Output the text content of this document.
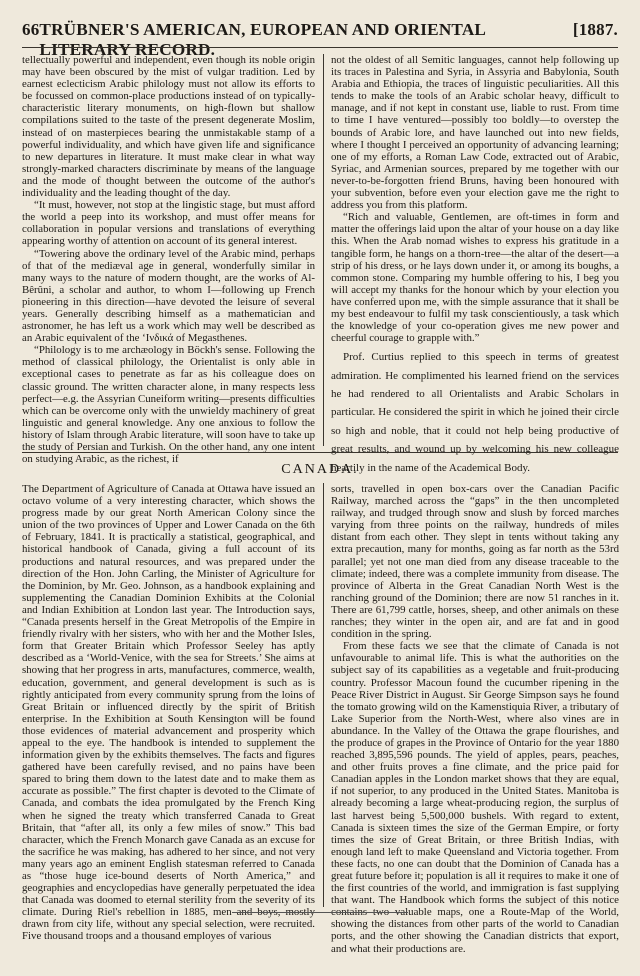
66 TRÜBNER'S AMERICAN, EUROPEAN AND ORIENTAL LITERARY RECORD.
[1887.

tellectually powerful and independent, even though its noble origin may have been obscured by the mist of vulgar tradition. Led by earnest eclecticism Arabic philology must not allow its efforts to be focussed on common-place productions instead of on typically-characteristic literary monuments, on high-flown but shallow compilations suited to the taste of the present degenerate Moslim, instead of on masterpieces bearing the unmistakable stamp of a powerful individuality, and which have given life and significance to new departures in literature. It must make clear in what way strongly-marked characters discriminate by means of the language and the mode of thought between the outcome of the author's individuality and the leading thought of the day.

“It must, however, not stop at the lingistic stage, but must afford the world a peep into its workshop, and must offer means for collaboration in popular versions and translations of everything appearing worthy of attention on account of its general interest.

“Towering above the ordinary level of the Arabic mind, perhaps of that of the mediæval age in general, wonderfully similar in many ways to the nature of modern thought, are the works of Al-Bêrûni, a scholar and author, to whom I—following up French pioneering in this direction—have devoted the leisure of several years. Generally describing himself as a mathematician and astronomer, he has left us a work which may well be described as an Arabic equivalent of the ‘Ινδικά of Megasthenes.

“Philology is to me archæology in Böckh's sense. Following the method of classical philology, the Orientalist is only able in exceptional cases to penetrate as far as his colleague does on classic ground. The written character alone, in many respects less perfect—e.g. the Assyrian Cuneiform writing—presents difficulties which can be overcome only with the unwieldy machinery of great linguistic and general knowledge. Any one anxious to follow the history of Islam through Arabic literature, will soon have to take up the study of Persian and Turkish. On the other hand, any one intent on studying Arabic, as the richest, if

not the oldest of all Semitic languages, cannot help following up its traces in Palestina and Syria, in Assyria and Babylonia, South Arabia and Ethiopia, the traces of linguistic peculiarities. All this tends to make the tools of an Arabic scholar heavy, difficult to manage, and if not kept in constant use, liable to rust. From time to time I have ventured—possibly too boldly—to overstep the bounds of Arabic lore, and have launched out into new fields, where I thought I perceived an opportunity of advancing learning; one of my efforts, a Roman Law Code, extracted out of Arabic, Syriac, and Armenian sources, prepared by me together with our never-to-be-forgotten friend Bruns, having been honoured with your subvention, before even your election gave me the right to address you from this platform.

“Rich and valuable, Gentlemen, are oft-times in form and matter the offerings laid upon the altar of your house on a day like this. When the Arab nomad wishes to express his gratitude in a tangible form, he hangs on a thorn-tree—the altar of the desert—a strip of his dress, or he lays down under it, or among its boughs, a common stone. Comparing my humble offering to his, I beg you will accept my thanks for the honour which by your election you have conferred upon me, with the simple assurance that it shall be my best endeavour to fulfil my task conscientiously, a task which the knowledge of your co-operation gives me new power and cheerful courage to grapple with.”

Prof. Curtius replied to this speech in terms of greatest admiration. He complimented his learned friend on the services he had rendered to all Orientalists and Arabic Scholars in particular. He considered the spirit in which he joined their circle so high and noble, that it could not help being productive of great results, and wound up by welcoming his new colleague heartily in the name of the Academical Body.

CANADA.

The Department of Agriculture of Canada at Ottawa have issued an octavo volume of a very interesting character, which shows the progress made by our great North American Colony since the union of the two provinces of Upper and Lower Canada on the 6th of February, 1841. It is practically a statistical, geographical, and historical handbook of Canada, giving a full account of its productions and natural resources, and was prepared under the direction of the Hon. John Carling, the Minister of Agriculture for the Dominion, by Mr. Geo. Johnson, as a handbook explaining and supplementing the Canadian Dominion Exhibits at the Colonial and Indian Exhibition at London last year. The Introduction says, “Canada presents herself in the Great Metropolis of the Empire in friendly rivalry with her sisters, who with her and the Mother Isles, form that Greater Britain which Professor Seeley has aptly described as a ‘World-Venice, with the sea for Streets.’ She aims at showing that her progress in arts, manufactures, commerce, wealth, education, government, and general development is such as is rightly anticipated from every community sprung from the loins of Great Britain or influenced directly by the spirit of British enterprise. In the Exhibition at South Kensington will be found those evidences of material advancement and prosperity which appeal to the eye. The handbook is intended to supplement the information given by the exhibits themselves. The facts and figures gathered have been carefully revised, and no pains have been spared to bring them down to the latest date and to make them as accurate as possible.” The first chapter is devoted to the Climate of Canada, and combats the idea promulgated by the French King when he signed the treaty which transferred Canada to Great Britain, that “after all, its only a few miles of snow.” This bad character, which the French Monarch gave Canada as an excuse for the sacrifice he was making, has adhered to her since, and not very many years ago an eminent English statesman referred to Canada as “those huge ice-bound deserts of North America,” and geographies and encyclopedias have generally perpetuated the idea that Canada was doomed to eternal sterility from the severity of its climate. During Riel's rebellion in 1885, men and boys, mostly drawn from city life, without any special selection, were recruited. Five thousand troops and a thousand employes of various

sorts, travelled in open box-cars over the Canadian Pacific Railway, marched across the “gaps” in the then uncompleted railway, and trudged through snow and slush by forced marches varying from three points on the railway, hundreds of miles distant from each other. They slept in tents without taking any extra precaution, many for months, going as far north as the 53rd parallel; yet not one man died from any disease traceable to the climate; indeed, there was a complete immunity from disease. The province of Alberta in the Great Canadian North West is the ranching ground of the Dominion; there are now 51 ranches in it. There are 61,799 cattle, horses, sheep, and other animals on these ranches; they winter in the open air, and are fat and in good condition in the spring.

From these facts we see that the climate of Canada is not unfavourable to animal life. This is what the authorities on the subject say of its capabilities as a vegetable and fruit-producing country. Professor Macoun found the cucumber ripening in the Peace River District in August. Sir George Simpson says he found the tomato growing wild on the Kamenstiquia River, a tributary of Lake Superior from the North-West, where also vines are in abundance. In the Valley of the Ottawa the grape flourishes, and the produce of grapes in the Province of Ontario for the year 1880 reached 3,895,596 pounds. The yield of apples, pears, peaches, and other fruits proves a fine climate, and the price paid for Canadian apples in the London market shows that they are equal, if not superior, to any produced in the United States. Manitoba is already becoming a large wheat-producing region, the surplus of last harvest being 5,500,000 bushels. With regard to extent, Canada is sixteen times the size of the German Empire, or forty times the size of Great Britain, or three British Indias, with enough land left to make Queensland and Victoria together. From these facts, no one can doubt that the Dominion of Canada has a great future before it; population is all it requires to make it one of the first countries of the world, and immigration is fast supplying that want. The Handbook which forms the subject of this notice contains two valuable maps, one a Route-Map of the World, showing the distances from other parts of the world to Canadian ports, and the other showing the Canadian districts that export, and what their productions are.
